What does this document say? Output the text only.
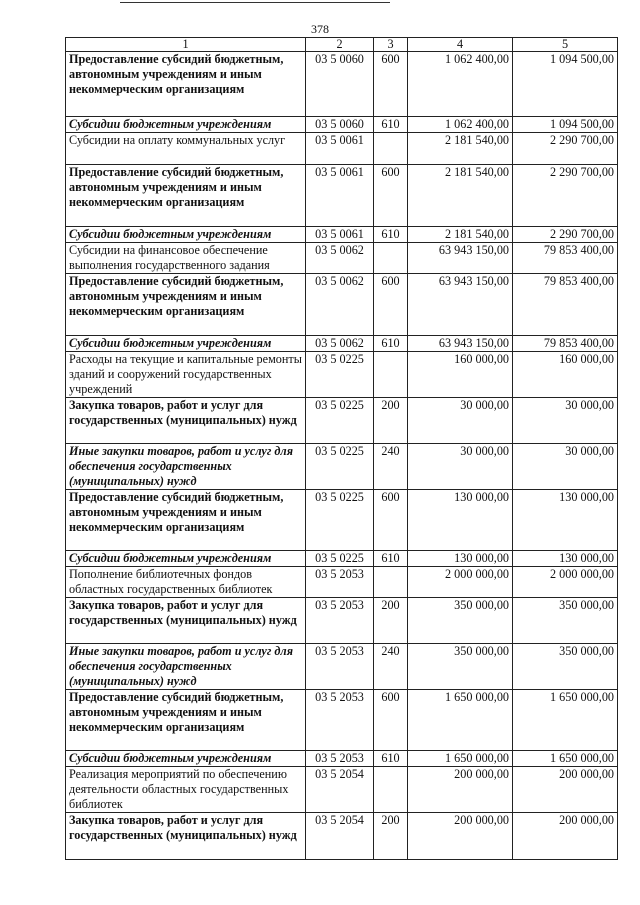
378
1	2	3	4	5
Предоставление субсидий бюджетным, автономным учреждениям и иным некоммерческим организациям	03 5 0060	600	1 062 400,00	1 094 500,00
Субсидии бюджетным учреждениям	03 5 0060	610	1 062 400,00	1 094 500,00
Субсидии на оплату коммунальных услуг	03 5 0061		2 181 540,00	2 290 700,00
Предоставление субсидий бюджетным, автономным учреждениям и иным некоммерческим организациям	03 5 0061	600	2 181 540,00	2 290 700,00
Субсидии бюджетным учреждениям	03 5 0061	610	2 181 540,00	2 290 700,00
Субсидии на финансовое обеспечение выполнения государственного задания	03 5 0062		63 943 150,00	79 853 400,00
Предоставление субсидий бюджетным, автономным учреждениям и иным некоммерческим организациям	03 5 0062	600	63 943 150,00	79 853 400,00
Субсидии бюджетным учреждениям	03 5 0062	610	63 943 150,00	79 853 400,00
Расходы на текущие и капитальные ремонты зданий и сооружений государственных учреждений	03 5 0225		160 000,00	160 000,00
Закупка товаров, работ и услуг для государственных (муниципальных) нужд	03 5 0225	200	30 000,00	30 000,00
Иные закупки товаров, работ и услуг для обеспечения государственных (муниципальных) нужд	03 5 0225	240	30 000,00	30 000,00
Предоставление субсидий бюджетным, автономным учреждениям и иным некоммерческим организациям	03 5 0225	600	130 000,00	130 000,00
Субсидии бюджетным учреждениям	03 5 0225	610	130 000,00	130 000,00
Пополнение библиотечных фондов областных государственных библиотек	03 5 2053		2 000 000,00	2 000 000,00
Закупка товаров, работ и услуг для государственных (муниципальных) нужд	03 5 2053	200	350 000,00	350 000,00
Иные закупки товаров, работ и услуг для обеспечения государственных (муниципальных) нужд	03 5 2053	240	350 000,00	350 000,00
Предоставление субсидий бюджетным, автономным учреждениям и иным некоммерческим организациям	03 5 2053	600	1 650 000,00	1 650 000,00
Субсидии бюджетным учреждениям	03 5 2053	610	1 650 000,00	1 650 000,00
Реализация мероприятий по обеспечению деятельности областных государственных библиотек	03 5 2054		200 000,00	200 000,00
Закупка товаров, работ и услуг для государственных (муниципальных) нужд	03 5 2054	200	200 000,00	200 000,00
